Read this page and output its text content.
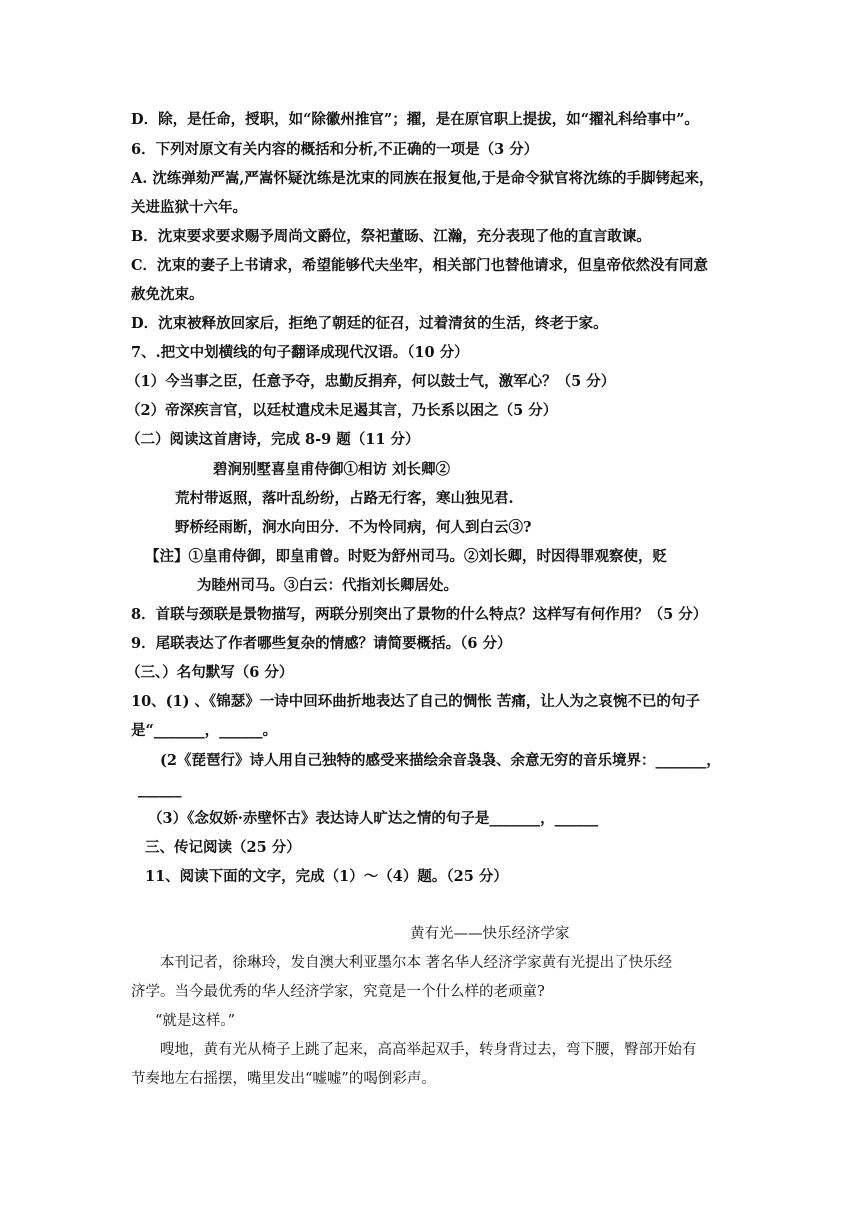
D．除，是任命，授职，如“除徽州推官”；擢，是在原官职上提拔，如“擢礼科给事中”。
6．下列对原文有关内容的概括和分析,不正确的一项是（3 分）
A. 沈练弹劾严嵩,严嵩怀疑沈练是沈束的同族在报复他,于是命令狱官将沈练的手脚铐起来，
关进监狱十六年。
B．沈束要求要求赐予周尚文爵位，祭祀董旸、江瀚，充分表现了他的直言敢谏。
C．沈束的妻子上书请求，希望能够代夫坐牢，相关部门也替他请求，但皇帝依然没有同意
赦免沈束。
D．沈束被释放回家后，拒绝了朝廷的征召，过着清贫的生活，终老于家。
7、.把文中划横线的句子翻译成现代汉语。（10 分）
（1）今当事之臣，任意予夺，忠勤反捐弃，何以鼓士气，激军心？（5 分）
（2）帝深疾言官，以廷杖遣戍未足遏其言，乃长系以困之（5 分）
（二）阅读这首唐诗，完成 8-9 题（11 分）
碧涧别墅喜皇甫侍御①相访 刘长卿②
荒村带返照，落叶乱纷纷，占路无行客，寒山独见君.
野桥经雨断，涧水向田分．不为怜同病，何人到白云③?
【注】①皇甫侍御，即皇甫曾。时贬为舒州司马。②刘长卿，时因得罪观察使，贬
为睦州司马。③白云：代指刘长卿居处。
8．首联与颈联是景物描写，两联分别突出了景物的什么特点？这样写有何作用？（5 分）
9．尾联表达了作者哪些复杂的情感？请简要概括。（6 分）
（三、）名句默写（6 分）
10、(1) 、《锦瑟》一诗中回环曲折地表达了自己的惆怅 苦痛，让人为之哀惋不已的句子
是“_______，______。
(2《琵琶行》诗人用自己独特的感受来描绘余音袅袅、余意无穷的音乐境界：_______，
______
（3）《念奴娇·赤壁怀古》表达诗人旷达之情的句子是_______，______
三、传记阅读（25 分）
11、阅读下面的文字，完成（1）～（4）题。（25 分）
黄有光——快乐经济学家
本刊记者，徐琳玲，发自澳大利亚墨尔本 著名华人经济学家黄有光提出了快乐经
济学。当今最优秀的华人经济学家，究竟是一个什么样的老顽童?
“就是这样。”
嗖地，黄有光从椅子上跳了起来，高高举起双手，转身背过去，弯下腰，臀部开始有
节奏地左右摇摆，嘴里发出“嘘嘘”的喝倒彩声。
